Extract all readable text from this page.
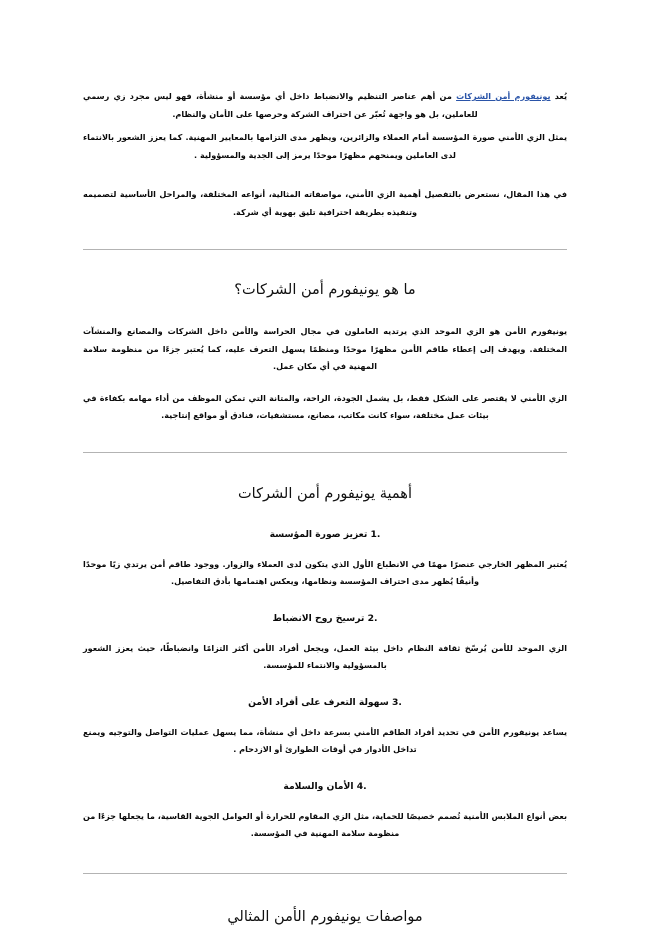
يُعد يونيفورم أمن الشركات من أهم عناصر التنظيم والانضباط داخل أي مؤسسة أو منشأة، فهو ليس مجرد زي رسمي للعاملين، بل هو واجهة تُعبّر عن احتراف الشركة وحرصها على الأمان والنظام.

يمثل الزي الأمني صورة المؤسسة أمام العملاء والزائرين، ويظهر مدى التزامها بالمعايير المهنية. كما يعزز الشعور بالانتماء لدى العاملين ويمنحهم مظهرًا موحدًا يرمز إلى الجدية والمسؤولية .

في هذا المقال، نستعرض بالتفصيل أهمية الزي الأمني، مواصفاته المثالية، أنواعه المختلفة، والمراحل الأساسية لتصميمه وتنفيذه بطريقة احترافية تليق بهوية أي شركة.

ما هو يونيفورم أمن الشركات؟

يونيفورم الأمن هو الزي الموحد الذي يرتديه العاملون في مجال الحراسة والأمن داخل الشركات والمصانع والمنشآت المختلفة. ويهدف إلى إعطاء طاقم الأمن مظهرًا موحدًا ومنظمًا يسهل التعرف عليه، كما يُعتبر جزءًا من منظومة سلامة المهنية في أي مكان عمل.

الزي الأمني لا يقتصر على الشكل فقط، بل يشمل الجودة، الراحة، والمتانة التي تمكن الموظف من أداء مهامه بكفاءة في بيئات عمل مختلفة، سواء كانت مكاتب، مصانع، مستشفيات، فنادق أو مواقع إنتاجية.

أهمية يونيفورم أمن الشركات
1. تعزيز صورة المؤسسة

يُعتبر المظهر الخارجي عنصرًا مهمًا في الانطباع الأول الذي يتكون لدى العملاء والزوار. ووجود طاقم أمن يرتدي زيًا موحدًا وأنيقًا يُظهر مدى احتراف المؤسسة ونظامها، ويعكس اهتمامها بأدق التفاصيل.

2. ترسيخ روح الانضباط

الزي الموحد للأمن يُرسّخ ثقافة النظام داخل بيئة العمل، ويجعل أفراد الأمن أكثر التزامًا وانضباطًا، حيث يعزز الشعور بالمسؤولية والانتماء للمؤسسة.

3. سهولة التعرف على أفراد الأمن

يساعد يونيفورم الأمن في تحديد أفراد الطاقم الأمني بسرعة داخل أي منشأة، مما يسهل عمليات التواصل والتوجيه ويمنع تداخل الأدوار في أوقات الطوارئ أو الازدحام .

4. الأمان والسلامة

بعض أنواع الملابس الأمنية تُصمم خصيصًا للحماية، مثل الزي المقاوم للحرارة أو العوامل الجوية القاسية، ما يجعلها جزءًا من منظومة سلامة المهنية في المؤسسة.

مواصفات يونيفورم الأمن المثالي
